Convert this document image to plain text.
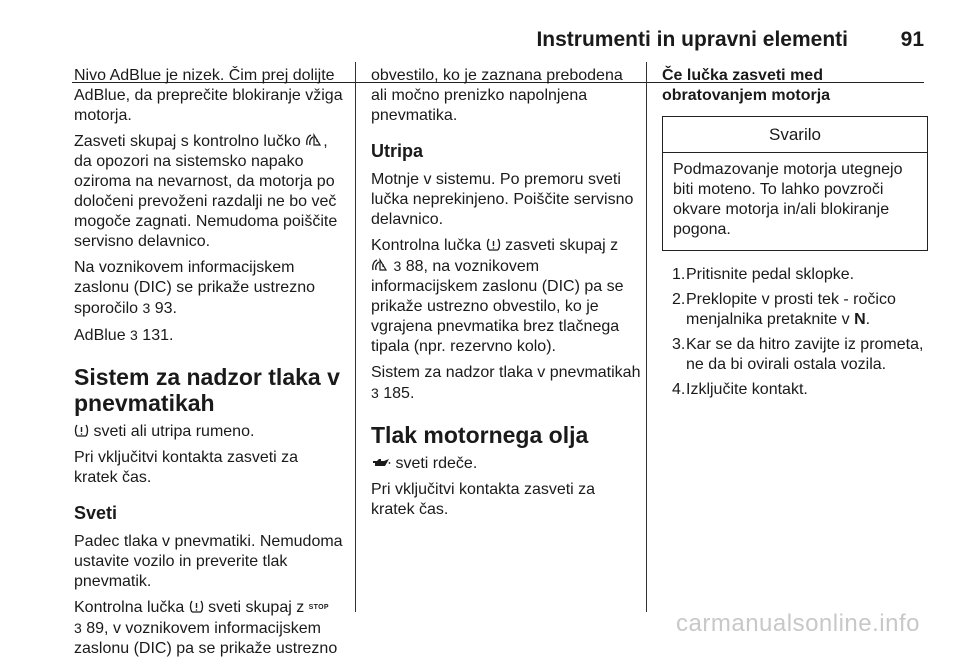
Instrumenti in upravni elementi	91

Nivo AdBlue je nizek. Čim prej dolijte AdBlue, da preprečite blokiranje vžiga motorja.

Zasveti skupaj s kontrolno lučko , da opozori na sistemsko napako oziroma na nevarnost, da motorja po določeni prevoženi razdalji ne bo več mogoče zagnati. Nemudoma poiščite servisno delavnico.

Na voznikovem informacijskem zaslonu (DIC) se prikaže ustrezno sporočilo 3 93.

AdBlue 3 131.

Sistem za nadzor tlaka v pnevmatikah

sveti ali utripa rumeno.

Pri vključitvi kontakta zasveti za kratek čas.

Sveti

Padec tlaka v pnevmatiki. Nemudoma ustavite vozilo in preverite tlak pnevmatik.

Kontrolna lučka  sveti skupaj z STOP
3 89, v voznikovem informacijskem zaslonu (DIC) pa se prikaže ustrezno

obvestilo, ko je zaznana prebodena ali močno prenizko napolnjena pnevmatika.

Utripa

Motnje v sistemu. Po premoru sveti lučka neprekinjeno. Poiščite servisno delavnico.

Kontrolna lučka  zasveti skupaj z
3 88, na voznikovem informacijskem zaslonu (DIC) pa se prikaže ustrezno obvestilo, ko je vgrajena pnevmatika brez tlačnega tipala (npr. rezervno kolo).

Sistem za nadzor tlaka v pnevmatikah 3 185.

Tlak motornega olja

sveti rdeče.

Pri vključitvi kontakta zasveti za kratek čas.

Če lučka zasveti med obratovanjem motorja
Svarilo
Podmazovanje motorja utegnejo biti moteno. To lahko povzroči okvare motorja in/ali blokiranje pogona.
1. Pritisnite pedal sklopke.
2. Preklopite v prosti tek - ročico menjalnika pretaknite v N.
3. Kar se da hitro zavijte iz prometa, ne da bi ovirali ostala vozila.
4. Izključite kontakt.
carmanualsonline.info
